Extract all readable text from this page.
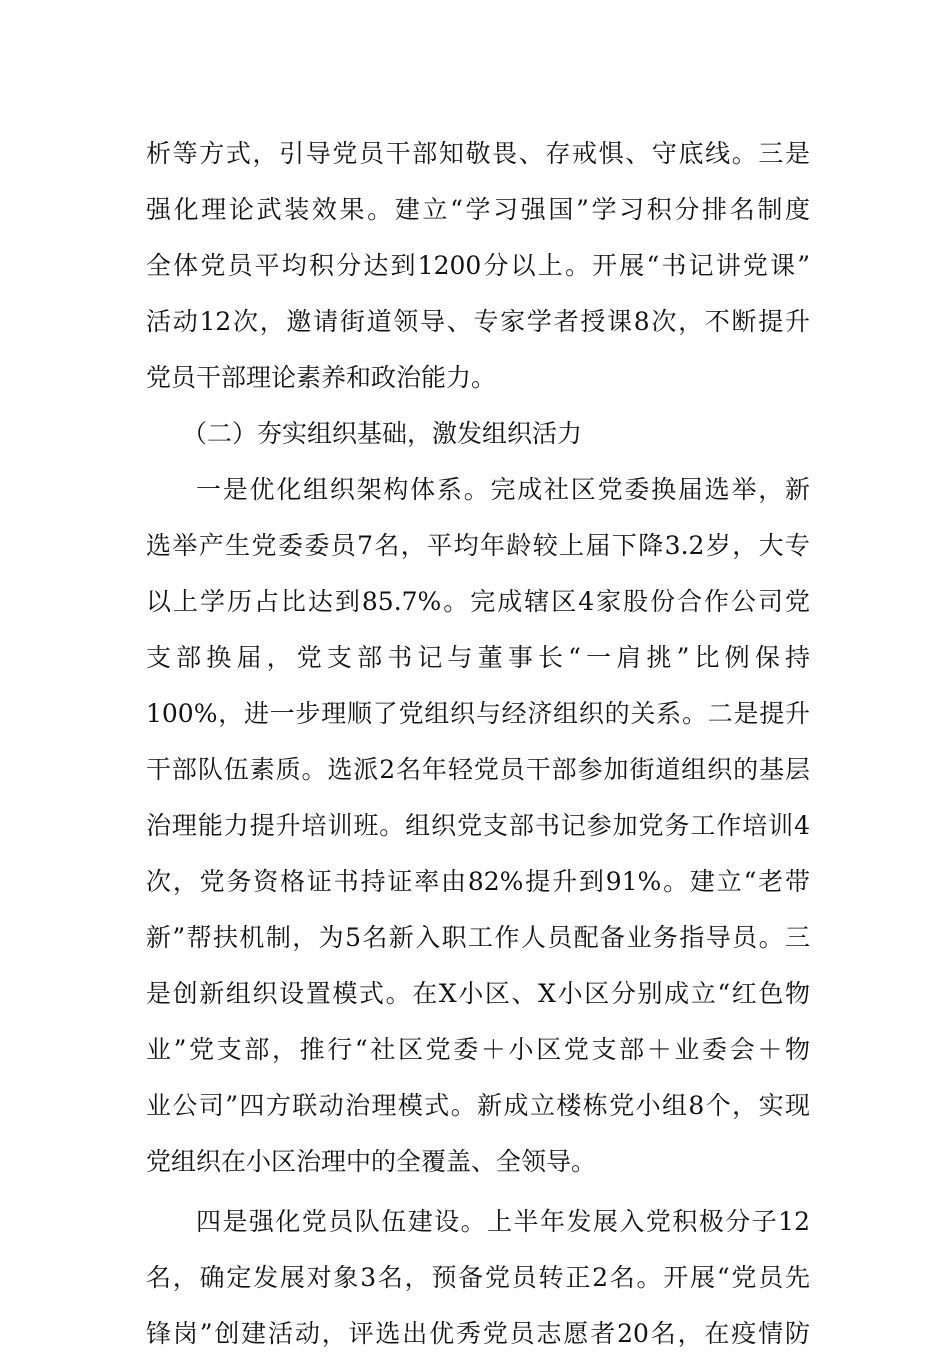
析等方式，引导党员干部知敬畏、存戒惧、守底线。三是
强化理论武装效果。建立“学习强国”学习积分排名制度
全体党员平均积分达到1200分以上。开展“书记讲党课”
活动12次，邀请街道领导、专家学者授课8次，不断提升
党员干部理论素养和政治能力。
（二）夯实组织基础，激发组织活力
一是优化组织架构体系。完成社区党委换届选举，新
选举产生党委委员7名，平均年龄较上届下降3.2岁，大专
以上学历占比达到85.7%。完成辖区4家股份合作公司党
支部换届，党支部书记与董事长“一肩挑”比例保持
100%，进一步理顺了党组织与经济组织的关系。二是提升
干部队伍素质。选派2名年轻党员干部参加街道组织的基层
治理能力提升培训班。组织党支部书记参加党务工作培训4
次，党务资格证书持证率由82%提升到91%。建立“老带
新”帮扶机制，为5名新入职工作人员配备业务指导员。三
是创新组织设置模式。在X小区、X小区分别成立“红色物
业”党支部，推行“社区党委＋小区党支部＋业委会＋物
业公司”四方联动治理模式。新成立楼栋党小组8个，实现
党组织在小区治理中的全覆盖、全领导。
四是强化党员队伍建设。上半年发展入党积极分子12
名，确定发展对象3名，预备党员转正2名。开展“党员先
锋岗”创建活动，评选出优秀党员志愿者20名，在疫情防
